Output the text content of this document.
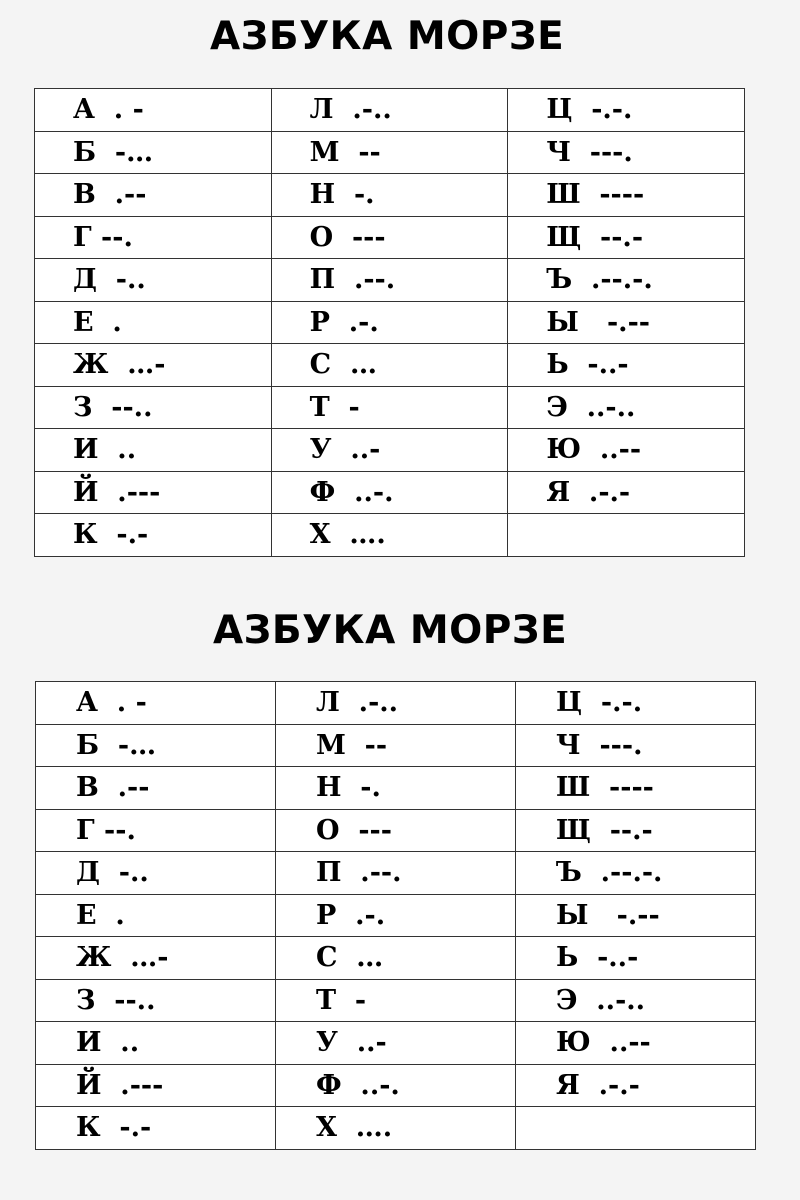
АЗБУКА МОРЗЕ
А  . -	Л  .-..	Ц  -.-.
Б  -…	М  --	Ч  ---.
В  .--	Н  -.	Ш  ----
Г --.	О  ---	Щ  --.-
Д  -..	П  .--.	Ъ  .--.-.
Е  .	Р  .-.	Ы   -.--
Ж  …-	С  …	Ь  -..-
З  --..	Т  -	Э  ..-..
И  ..	У  ..-	Ю  ..--
Й  .---	Ф  ..-.	Я  .-.-
К  -.-	Х  ….	
АЗБУКА МОРЗЕ
А  . -	Л  .-..	Ц  -.-.
Б  -…	М  --	Ч  ---.
В  .--	Н  -.	Ш  ----
Г --.	О  ---	Щ  --.-
Д  -..	П  .--.	Ъ  .--.-.
Е  .	Р  .-.	Ы   -.--
Ж  …-	С  …	Ь  -..-
З  --..	Т  -	Э  ..-..
И  ..	У  ..-	Ю  ..--
Й  .---	Ф  ..-.	Я  .-.-
К  -.-	Х  ….	
